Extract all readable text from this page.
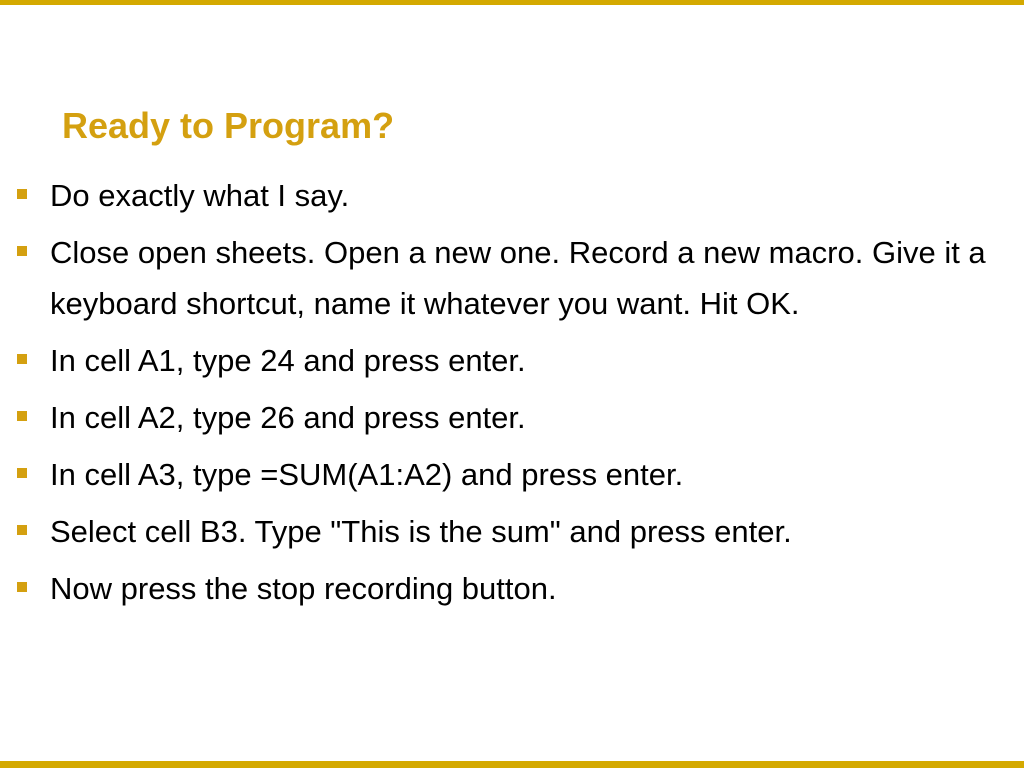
Ready to Program?
Do exactly what I say.
Close open sheets. Open a new one. Record a new macro. Give it a keyboard shortcut, name it whatever you want. Hit OK.
In cell A1, type 24 and press enter.
In cell A2, type 26 and press enter.
In cell A3, type =SUM(A1:A2) and press enter.
Select cell B3. Type "This is the sum" and press enter.
Now press the stop recording button.
